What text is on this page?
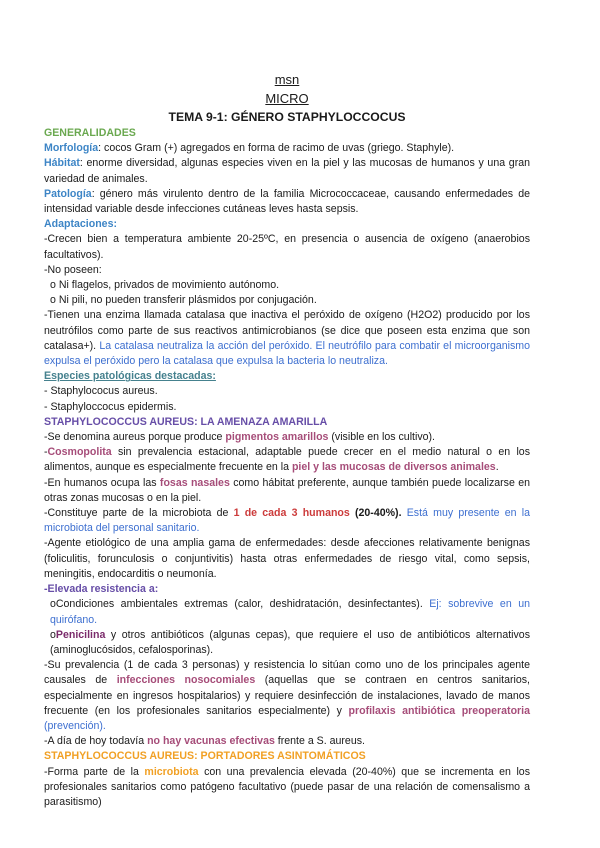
msn
MICRO
TEMA 9-1: GÉNERO STAPHYLOCCOCUS

GENERALIDADES

Morfología: cocos Gram (+) agregados en forma de racimo de uvas (griego. Staphyle).

Hábitat: enorme diversidad, algunas especies viven en la piel y las mucosas de humanos y una gran variedad de animales.

Patología: género más virulento dentro de la familia Micrococcaceae, causando enfermedades de intensidad variable desde infecciones cutáneas leves hasta sepsis.

Adaptaciones:

-Crecen bien a temperatura ambiente 20-25ºC, en presencia o ausencia de oxígeno (anaerobios facultativos).

-No poseen:

o Ni flagelos, privados de movimiento autónomo.

o Ni pili, no pueden transferir plásmidos por conjugación.

-Tienen una enzima llamada catalasa que inactiva el peróxido de oxígeno (H2O2) producido por los neutrófilos como parte de sus reactivos antimicrobianos (se dice que poseen esta enzima que son catalasa+). La catalasa neutraliza la acción del peróxido. El neutrófilo para combatir el microorganismo expulsa el peróxido pero la catalasa que expulsa la bacteria lo neutraliza.

Especies patológicas destacadas:

- Staphylococus aureus.

- Staphyloccocus epidermis.

STAPHYLOCOCCUS AUREUS: LA AMENAZA AMARILLA

-Se denomina aureus porque produce pigmentos amarillos (visible en los cultivo).

-Cosmopolita sin prevalencia estacional, adaptable puede crecer en el medio natural o en los alimentos, aunque es especialmente frecuente en la piel y las mucosas de diversos animales.

-En humanos ocupa las fosas nasales como hábitat preferente, aunque también puede localizarse en otras zonas mucosas o en la piel.

-Constituye parte de la microbiota de 1 de cada 3 humanos (20-40%). Está muy presente en la microbiota del personal sanitario.

-Agente etiológico de una amplia gama de enfermedades: desde afecciones relativamente benignas (foliculitis, forunculosis o conjuntivitis) hasta otras enfermedades de riesgo vital, como sepsis, meningitis, endocarditis o neumonía.

-Elevada resistencia a:

oCondiciones ambientales extremas (calor, deshidratación, desinfectantes). Ej: sobrevive en un quirófano.

oPenicilina y otros antibióticos (algunas cepas), que requiere el uso de antibióticos alternativos (aminoglucósidos, cefalosporinas).

-Su prevalencia (1 de cada 3 personas) y resistencia lo sitúan como uno de los principales agente causales de infecciones nosocomiales (aquellas que se contraen en centros sanitarios, especialmente en ingresos hospitalarios) y requiere desinfección de instalaciones, lavado de manos frecuente (en los profesionales sanitarios especialmente) y profilaxis antibiótica preoperatoria (prevención).

-A día de hoy todavía no hay vacunas efectivas frente a S. aureus.

STAPHYLOCOCCUS AUREUS: PORTADORES ASINTOMÁTICOS

-Forma parte de la microbiota con una prevalencia elevada (20-40%) que se incrementa en los profesionales sanitarios como patógeno facultativo (puede pasar de una relación de comensalismo a parasitismo)
